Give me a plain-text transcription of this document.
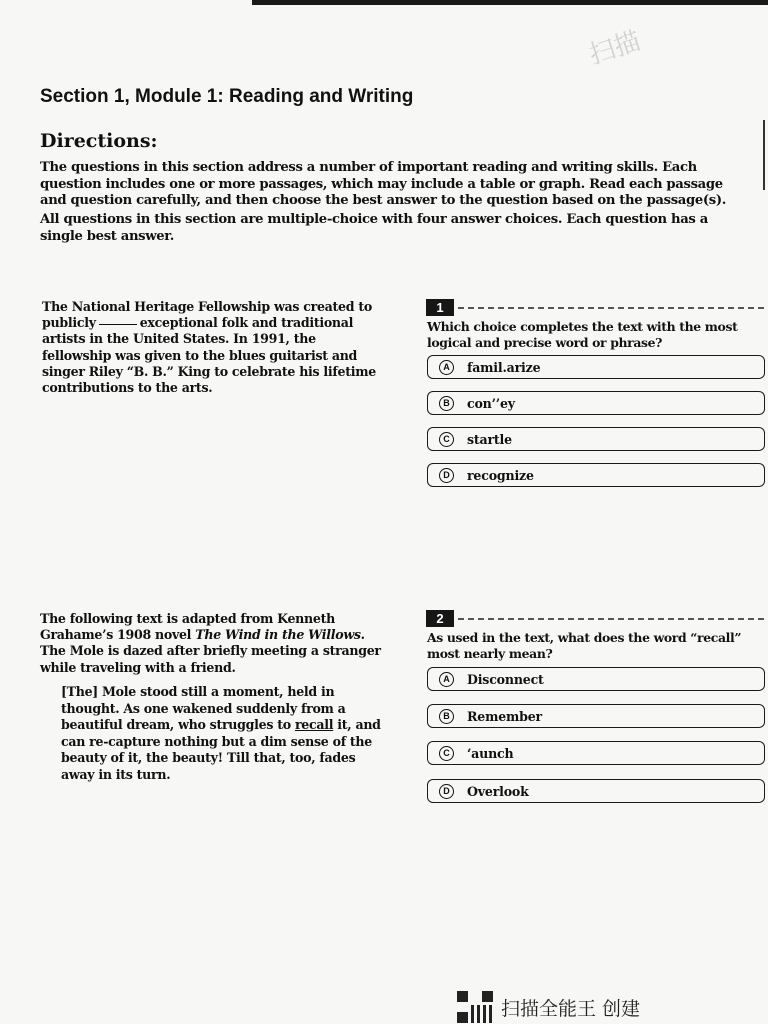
扫描
Section 1, Module 1: Reading and Writing
Directions:

The questions in this section address a number of important reading and writing skills. Each question includes one or more passages, which may include a table or graph. Read each passage and question carefully, and then choose the best answer to the question based on the passage(s).

All questions in this section are multiple-choice with four answer choices. Each question has a single best answer.

The National Heritage Fellowship was created to publicly	exceptional folk and traditional artists in the United States. In 1991, the fellowship was given to the blues guitarist and singer Riley “B. B.” King to celebrate his lifetime contributions to the arts.
1
Which choice completes the text with the most logical and precise word or phrase?
A	famil.arize
B	con’’ey
C	startle
D	recognize
The following text is adapted from Kenneth Grahame’s 1908 novel The Wind in the Willows. The Mole is dazed after briefly meeting a stranger while traveling with a friend.
[The] Mole stood still a moment, held in thought. As one wakened suddenly from a beautiful dream, who struggles to recall it, and can re-capture nothing but a dim sense of the beauty of it, the beauty! Till that, too, fades away in its turn.
2
As used in the text, what does the word “recall” most nearly mean?
A	Disconnect
B	Remember
C	‘aunch
D	Overlook
扫描全能王 创建
